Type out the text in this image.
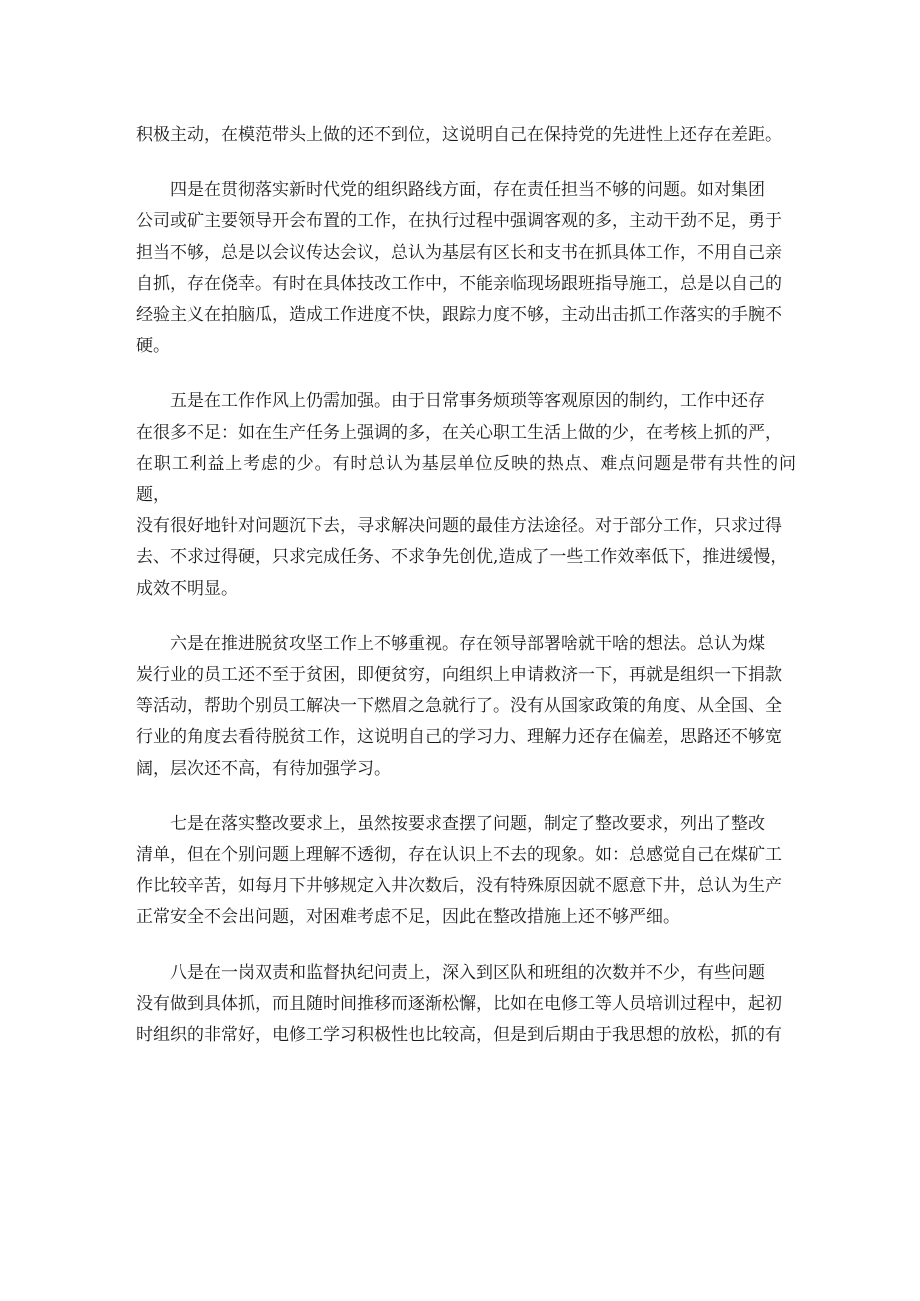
积极主动，在模范带头上做的还不到位，这说明自己在保持党的先进性上还存在差距。

四是在贯彻落实新时代党的组织路线方面，存在责任担当不够的问题。如对集团
公司或矿主要领导开会布置的工作，在执行过程中强调客观的多，主动干劲不足，勇于
担当不够，总是以会议传达会议，总认为基层有区长和支书在抓具体工作，不用自己亲
自抓，存在侥幸。有时在具体技改工作中，不能亲临现场跟班指导施工，总是以自己的
经验主义在拍脑瓜，造成工作进度不快，跟踪力度不够，主动出击抓工作落实的手腕不
硬。

五是在工作作风上仍需加强。由于日常事务烦琐等客观原因的制约，工作中还存
在很多不足：如在生产任务上强调的多，在关心职工生活上做的少，在考核上抓的严，
在职工利益上考虑的少。有时总认为基层单位反映的热点、难点问题是带有共性的问题，
没有很好地针对问题沉下去，寻求解决问题的最佳方法途径。对于部分工作，只求过得
去、不求过得硬，只求完成任务、不求争先创优,造成了一些工作效率低下，推进缓慢，
成效不明显。

六是在推进脱贫攻坚工作上不够重视。存在领导部署啥就干啥的想法。总认为煤
炭行业的员工还不至于贫困，即便贫穷，向组织上申请救济一下，再就是组织一下捐款
等活动，帮助个别员工解决一下燃眉之急就行了。没有从国家政策的角度、从全国、全
行业的角度去看待脱贫工作，这说明自己的学习力、理解力还存在偏差，思路还不够宽
阔，层次还不高，有待加强学习。

七是在落实整改要求上，虽然按要求查摆了问题，制定了整改要求，列出了整改
清单，但在个别问题上理解不透彻，存在认识上不去的现象。如：总感觉自己在煤矿工
作比较辛苦，如每月下井够规定入井次数后，没有特殊原因就不愿意下井，总认为生产
正常安全不会出问题，对困难考虑不足，因此在整改措施上还不够严细。

八是在一岗双责和监督执纪问责上，深入到区队和班组的次数并不少，有些问题
没有做到具体抓，而且随时间推移而逐渐松懈，比如在电修工等人员培训过程中，起初
时组织的非常好，电修工学习积极性也比较高，但是到后期由于我思想的放松，抓的有
